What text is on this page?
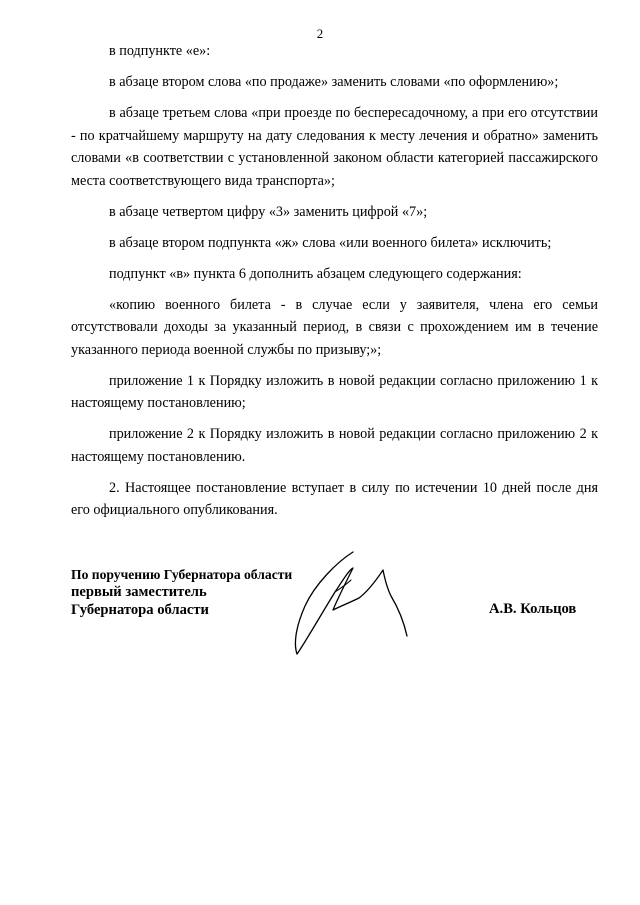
2

в подпункте «е»:

в абзаце втором слова «по продаже» заменить словами «по оформлению»;

в абзаце третьем слова «при проезде по беспересадочному, а при его отсутствии - по кратчайшему маршруту на дату следования к месту лечения и обратно» заменить словами «в соответствии с установленной законом области категорией пассажирского места соответствующего вида транспорта»;

в абзаце четвертом цифру «3» заменить цифрой «7»;

в абзаце втором подпункта «ж» слова «или военного билета» исключить;

подпункт «в» пункта 6 дополнить абзацем следующего содержания:

«копию военного билета - в случае если у заявителя, члена его семьи отсутствовали доходы за указанный период, в связи с прохождением им в течение указанного периода военной службы по призыву;»;

приложение 1 к Порядку изложить в новой редакции согласно приложению 1 к настоящему постановлению;

приложение 2 к Порядку изложить в новой редакции согласно приложению 2 к настоящему постановлению.

2. Настоящее постановление вступает в силу по истечении 10 дней после дня его официального опубликования.

По поручению Губернатора области
первый заместитель
Губернатора области	А.В. Кольцов
